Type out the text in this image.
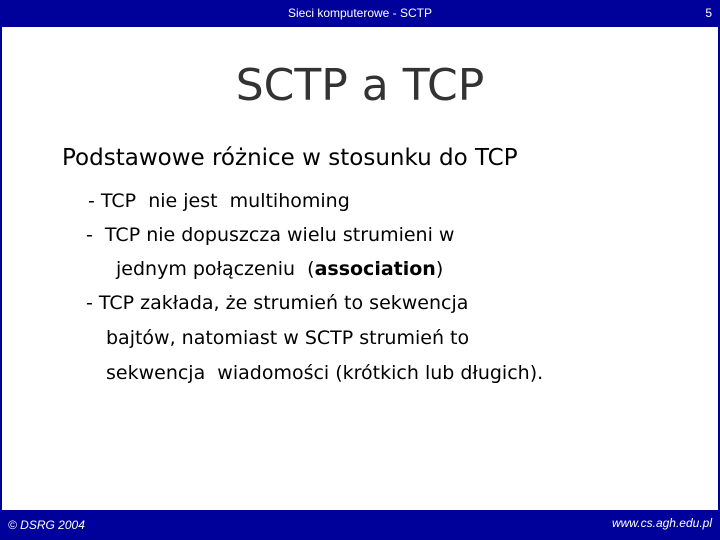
Sieci komputerowe - SCTP	5
SCTP a TCP
Podstawowe różnice w stosunku do TCP
- TCP  nie jest  multihoming
-  TCP nie dopuszcza wielu strumieni w
jednym połączeniu  (association)
- TCP zakłada, że strumień to sekwencja
bajtów, natomiast w SCTP strumień to
sekwencja  wiadomości (krótkich lub długich).
© DSRG 2004	www.cs.agh.edu.pl
